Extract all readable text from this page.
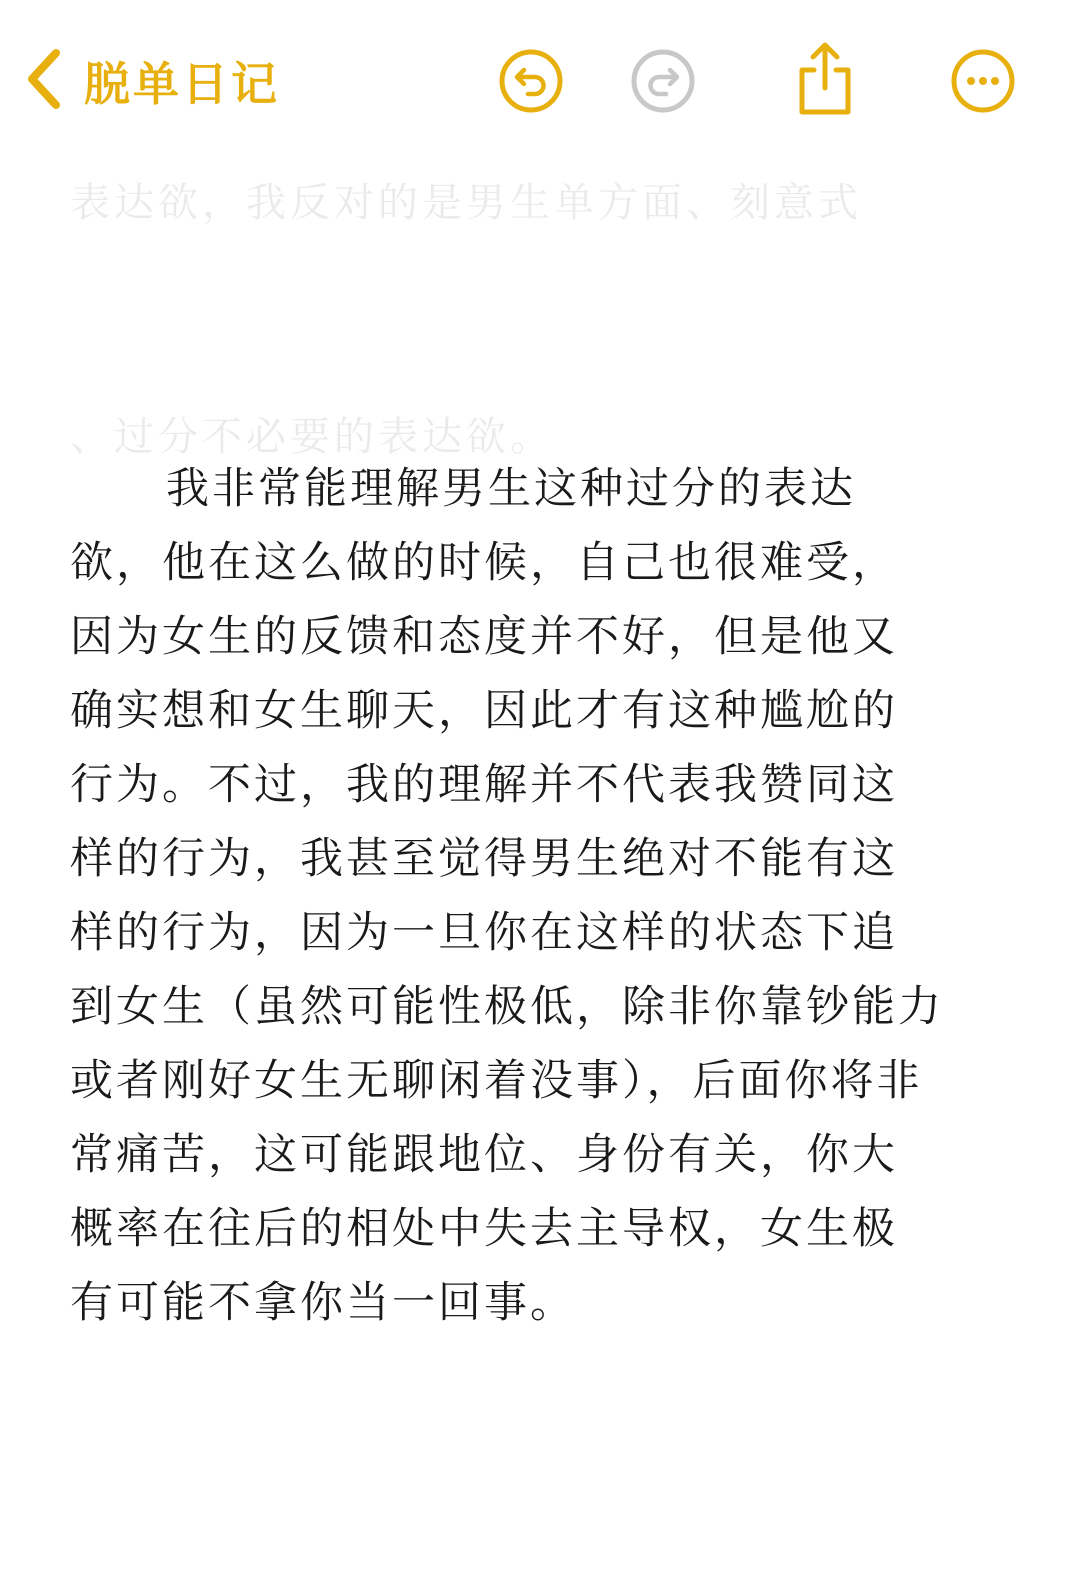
表达欲，我反对的是男生单方面、刻意式

、过分不必要的表达欲。

脱单日记
我非常能理解男生这种过分的表达
欲，他在这么做的时候，自己也很难受，
因为女生的反馈和态度并不好，但是他又
确实想和女生聊天，因此才有这种尴尬的
行为。不过，我的理解并不代表我赞同这
样的行为，我甚至觉得男生绝对不能有这
样的行为，因为一旦你在这样的状态下追
到女生（虽然可能性极低，除非你靠钞能力
或者刚好女生无聊闲着没事），后面你将非
常痛苦，这可能跟地位、身份有关，你大
概率在往后的相处中失去主导权，女生极
有可能不拿你当一回事。
